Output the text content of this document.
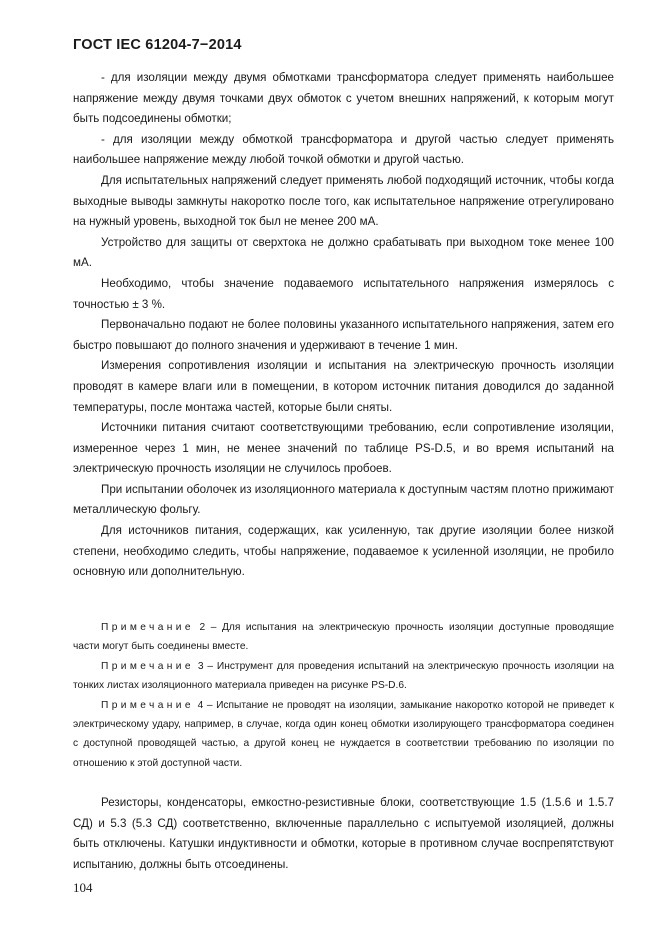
ГОСТ IEC 61204-7−2014

- для изоляции между двумя обмотками трансформатора следует применять наибольшее напряжение между двумя точками двух обмоток с учетом внешних напряжений, к которым могут быть подсоединены обмотки;

- для изоляции между обмоткой трансформатора и другой частью следует применять наибольшее напряжение между любой точкой обмотки и другой частью.

Для испытательных напряжений следует применять любой подходящий источник, чтобы когда выходные выводы замкнуты накоротко после того, как испытательное напряжение отрегулировано на нужный уровень, выходной ток был не менее 200 мА.

Устройство для защиты от сверхтока не должно срабатывать при выходном токе менее 100 мА.

Необходимо, чтобы значение подаваемого испытательного напряжения измерялось с точностью ± 3 %.

Первоначально подают не более половины указанного испытательного напряжения, затем его быстро повышают до полного значения и удерживают в течение 1 мин.

Измерения сопротивления изоляции и испытания на электрическую прочность изоляции проводят в камере влаги или в помещении, в котором источник питания доводился до заданной температуры, после монтажа частей, которые были сняты.

Источники питания считают соответствующими требованию, если сопротивление изоляции, измеренное через 1 мин, не менее значений по таблице PS-D.5, и во время испытаний на электрическую прочность изоляции не случилось пробоев.

При испытании оболочек из изоляционного материала к доступным частям плотно прижимают металлическую фольгу.

Для источников питания, содержащих, как усиленную, так другие изоляции более низкой степени, необходимо следить, чтобы напряжение, подаваемое к усиленной изоляции, не пробило основную или дополнительную.

Примечание 2 – Для испытания на электрическую прочность изоляции доступные проводящие части могут быть соединены вместе.

Примечание 3 – Инструмент для проведения испытаний на электрическую прочность изоляции на тонких листах изоляционного материала приведен на рисунке PS-D.6.

Примечание 4 – Испытание не проводят на изоляции, замыкание накоротко которой не приведет к электрическому удару, например, в случае, когда один конец обмотки изолирующего трансформатора соединен с доступной проводящей частью, а другой конец не нуждается в соответствии требованию по изоляции по отношению к этой доступной части.

Резисторы, конденсаторы, емкостно-резистивные блоки, соответствующие 1.5 (1.5.6 и 1.5.7 СД) и 5.3 (5.3 СД) соответственно, включенные параллельно с испытуемой изоляцией, должны быть отключены. Катушки индуктивности и обмотки, которые в противном случае воспрепятствуют испытанию, должны быть отсоединены.

104
